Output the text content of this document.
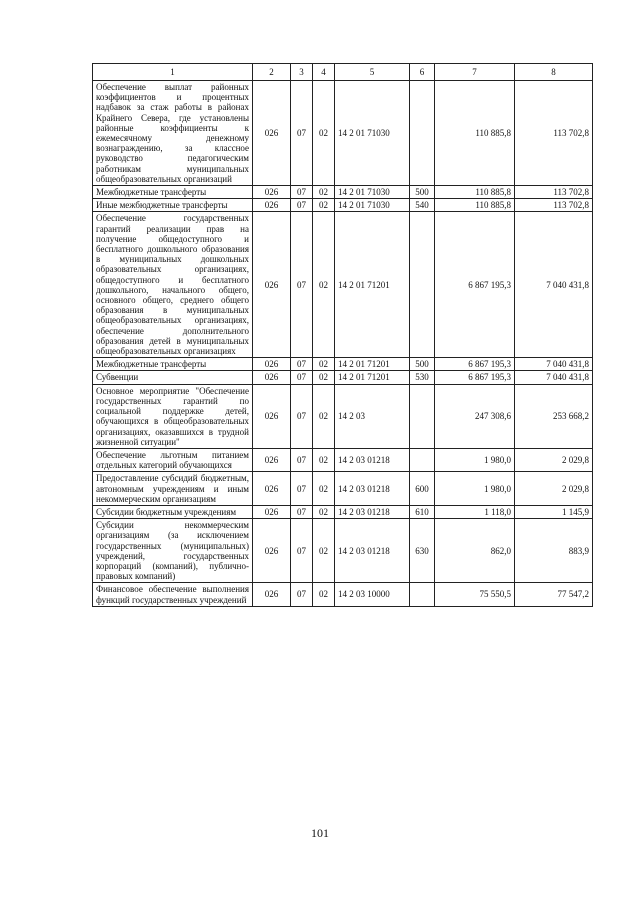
1	2	3	4	5	6	7	8
Обеспечение выплат районных коэффициентов и процентных надбавок за стаж работы в районах Крайнего Севера, где установлены районные коэффициенты к ежемесячному денежному вознаграждению, за классное руководство педагогическим работникам муниципальных общеобразовательных организаций	026	07	02	14 2 01 71030		110 885,8	113 702,8
Межбюджетные трансферты	026	07	02	14 2 01 71030	500	110 885,8	113 702,8
Иные межбюджетные трансферты	026	07	02	14 2 01 71030	540	110 885,8	113 702,8
Обеспечение государственных гарантий реализации прав на получение общедоступного и бесплатного дошкольного образования в муниципальных дошкольных образовательных организациях, общедоступного и бесплатного дошкольного, начального общего, основного общего, среднего общего образования в муниципальных общеобразовательных организациях, обеспечение дополнительного образования детей в муниципальных общеобразовательных организациях	026	07	02	14 2 01 71201		6 867 195,3	7 040 431,8
Межбюджетные трансферты	026	07	02	14 2 01 71201	500	6 867 195,3	7 040 431,8
Субвенции	026	07	02	14 2 01 71201	530	6 867 195,3	7 040 431,8
Основное мероприятие "Обеспечение государственных гарантий по социальной поддержке детей, обучающихся в общеобразовательных организациях, оказавшихся в трудной жизненной ситуации"	026	07	02	14 2 03		247 308,6	253 668,2
Обеспечение льготным питанием отдельных категорий обучающихся	026	07	02	14 2 03 01218		1 980,0	2 029,8
Предоставление субсидий бюджетным, автономным учреждениям и иным некоммерческим организациям	026	07	02	14 2 03 01218	600	1 980,0	2 029,8
Субсидии бюджетным учреждениям	026	07	02	14 2 03 01218	610	1 118,0	1 145,9
Субсидии некоммерческим организациям (за исключением государственных (муниципальных) учреждений, государственных корпораций (компаний), публично-правовых компаний)	026	07	02	14 2 03 01218	630	862,0	883,9
Финансовое обеспечение выполнения функций государственных учреждений	026	07	02	14 2 03 10000		75 550,5	77 547,2
101
